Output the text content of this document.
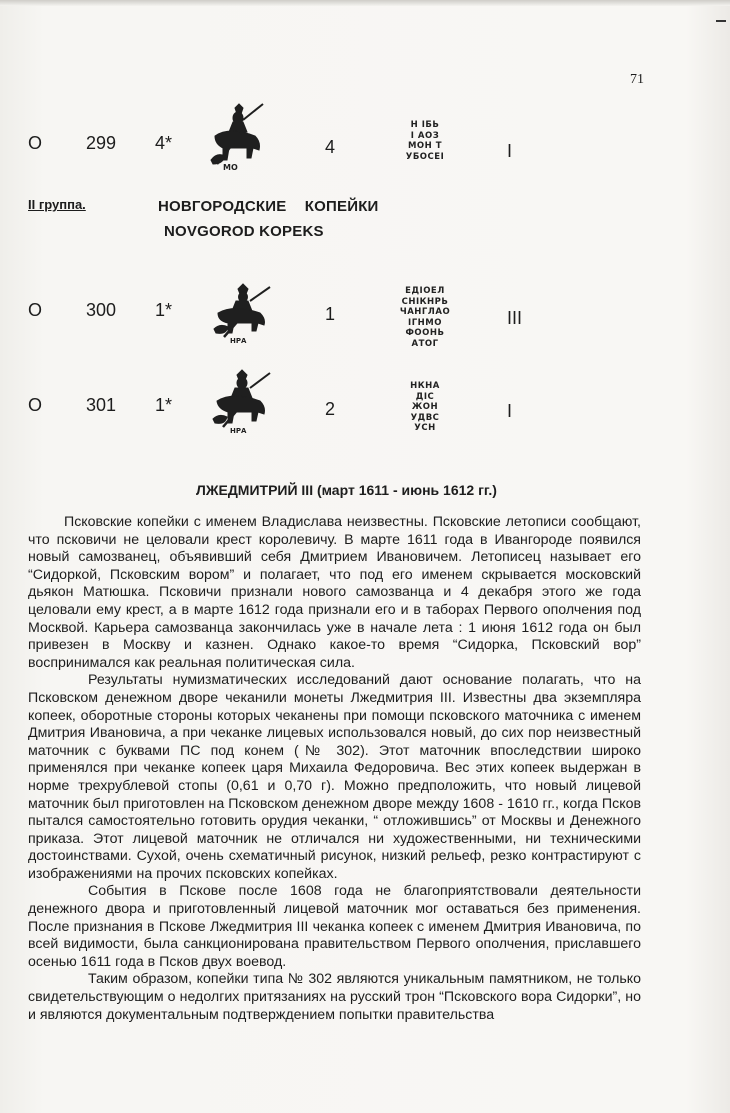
71
О 299 4*
МО
4
Н ІБЬ
І АОЗ
МОН Т
УБОСЕІ	I
II группа.	НОВГОРОДСКИЕ КОПЕЙКИ
NOVGOROD KOPEKS
О 300 1*
НРА
1
ЕДІОЕЛ
СНІКНРЬ
ЧАНГЛАО
ІГНМО
ФООНЬ
АТОГ
III
О 301 1*
НРА
2
НКНА
ДІС
ЖОН
УДВС
УСН
I
ЛЖЕДМИТРИЙ III (март 1611 - июнь 1612 гг.)

Псковские копейки с именем Владислава неизвестны. Псковские летописи сообщают, что псковичи не целовали крест королевичу. В марте 1611 года в Ивангороде появился новый самозванец, объявивший себя Дмитрием Ивановичем. Летописец называет его “Сидоркой, Псковским вором” и полагает, что под его именем скрывается московский дьякон Матюшка. Псковичи признали нового самозванца и 4 декабря этого же года целовали ему крест, а в марте 1612 года признали его и в таборах Первого ополчения под Москвой. Карьера самозванца закончилась уже в начале лета : 1 июня 1612 года он был привезен в Москву и казнен. Однако какое-то время “Сидорка, Псковский вор” воспринимался как реальная политическая сила.

Результаты нумизматических исследований дают основание полагать, что на Псковском денежном дворе чеканили монеты Лжедмитрия III. Известны два экземпляра копеек, оборотные стороны которых чеканены при помощи псковского маточника с именем Дмитрия Ивановича, а при чеканке лицевых использовался новый, до сих пор неизвестный маточник с буквами ПС под конем (№ 302). Этот маточник впоследствии широко применялся при чеканке копеек царя Михаила Федоровича. Вес этих копеек выдержан в норме трехрублевой стопы (0,61 и 0,70 г). Можно предположить, что новый лицевой маточник был приготовлен на Псковском денежном дворе между 1608 - 1610 гг., когда Псков пытался самостоятельно готовить орудия чеканки, “ отложившись” от Москвы и Денежного приказа. Этот лицевой маточник не отличался ни художественными, ни техническими достоинствами. Сухой, очень схематичный рисунок, низкий рельеф, резко контрастируют с изображениями на прочих псковских копейках.

События в Пскове после 1608 года не благоприятствовали деятельности денежного двора и приготовленный лицевой маточник мог оставаться без применения. После признания в Пскове Лжедмитрия III чеканка копеек с именем Дмитрия Ивановича, по всей видимости, была санкционирована правительством Первого ополчения, приславшего осенью 1611 года в Псков двух воевод.

Таким образом, копейки типа № 302 являются уникальным памятником, не только свидетельствующим о недолгих притязаниях на русский трон “Псковского вора Сидорки”, но и являются документальным подтверждением попытки правительства
